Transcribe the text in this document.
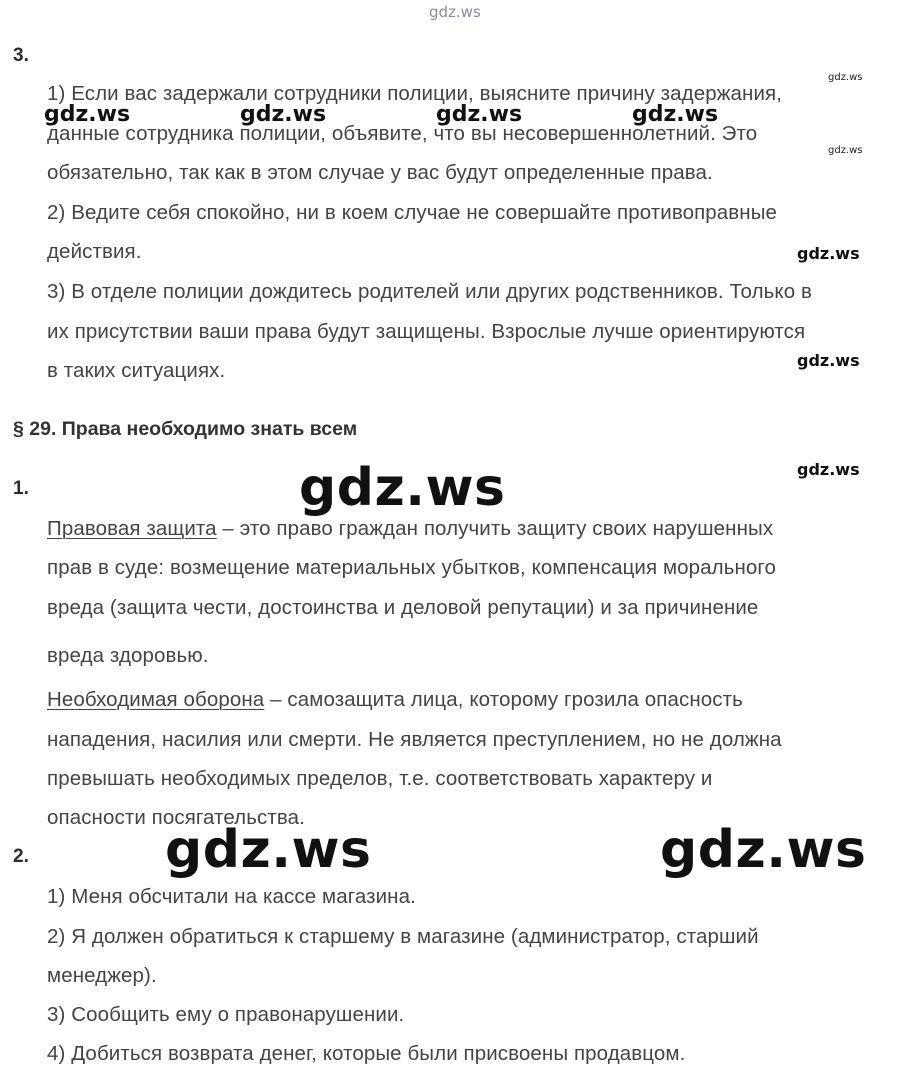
gdz.ws
3.
1) Если вас задержали сотрудники полиции, выясните причину задержания,
данные сотрудника полиции, объявите, что вы несовершеннолетний. Это
обязательно, так как в этом случае у вас будут определенные права.
2) Ведите себя спокойно, ни в коем случае не совершайте противоправные
действия.
3) В отделе полиции дождитесь родителей или других родственников. Только в
их присутствии ваши права будут защищены. Взрослые лучше ориентируются
в таких ситуациях.
gdz.ws
gdz.ws
gdz.ws	gdz.ws	gdz.ws	gdz.ws
gdz.ws
gdz.ws
§ 29. Права необходимо знать всем
gdz.ws
1.
Правовая защита – это право граждан получить защиту своих нарушенных
прав в суде: возмещение материальных убытков, компенсация морального
вреда (защита чести, достоинства и деловой репутации) и за причинение
вреда здоровью.
Необходимая оборона – самозащита лица, которому грозила опасность
нападения, насилия или смерти. Не является преступлением, но не должна
превышать необходимых пределов, т.е. соответствовать характеру и
опасности посягательства.
gdz.ws
gdz.ws	gdz.ws
2.
1) Меня обсчитали на кассе магазина.
2) Я должен обратиться к старшему в магазине (администратор, старший
менеджер).
3) Сообщить ему о правонарушении.
4) Добиться возврата денег, которые были присвоены продавцом.
